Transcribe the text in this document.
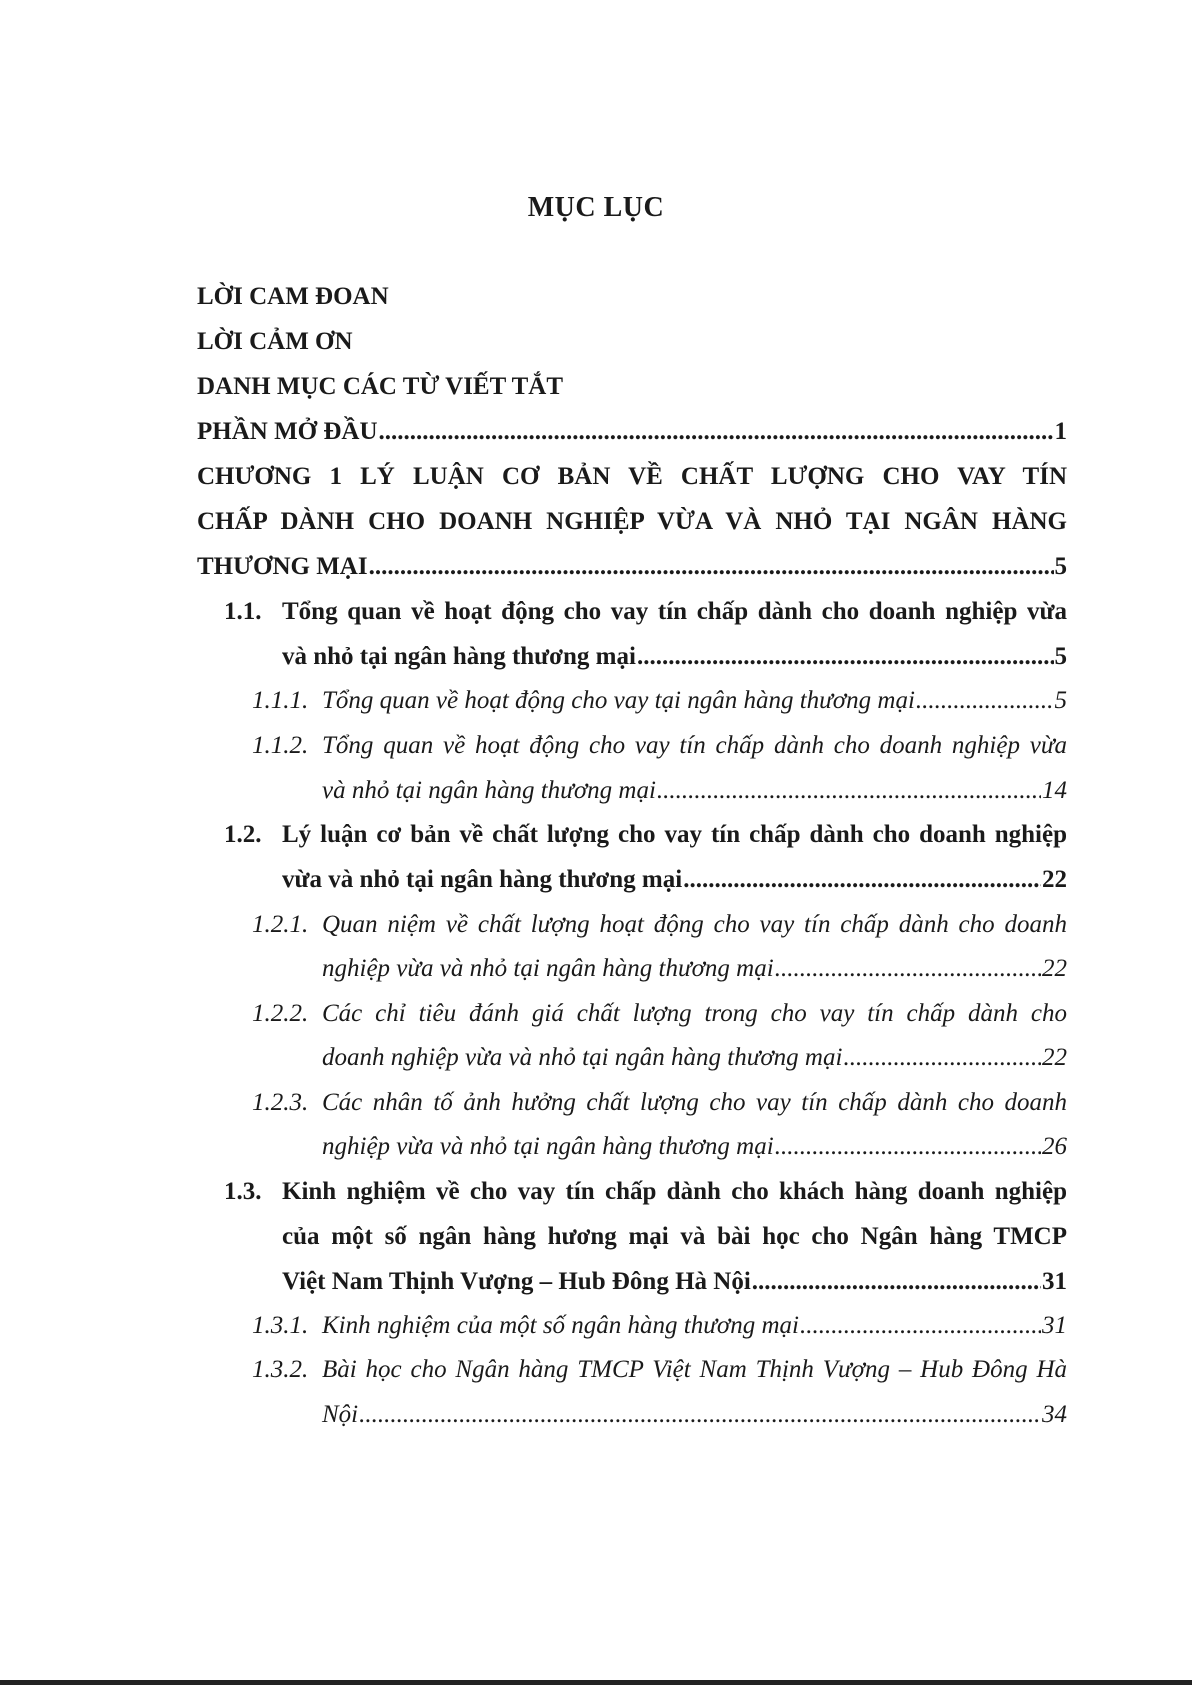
MỤC LỤC
LỜI CAM ĐOAN
LỜI CẢM ƠN
DANH MỤC CÁC TỪ VIẾT TẮT
PHẦN MỞ ĐẦU .....	1
CHƯƠNG 1 LÝ LUẬN CƠ BẢN VỀ CHẤT LƯỢNG CHO VAY TÍN
CHẤP DÀNH CHO DOANH NGHIỆP VỪA VÀ NHỎ TẠI NGÂN HÀNG
THƯƠNG MẠI .....	5
1.1. Tổng quan về hoạt động cho vay tín chấp dành cho doanh nghiệp vừa
và nhỏ tại ngân hàng thương mại .....	5
1.1.1. Tổng quan về hoạt động cho vay tại ngân hàng thương mại .....	5
1.1.2. Tổng quan về hoạt động cho vay tín chấp dành cho doanh nghiệp vừa
và nhỏ tại ngân hàng thương mại .....	14
1.2. Lý luận cơ bản về chất lượng cho vay tín chấp dành cho doanh nghiệp
vừa và nhỏ tại ngân hàng thương mại .....	22
1.2.1. Quan niệm về chất lượng hoạt động cho vay tín chấp dành cho doanh
nghiệp vừa và nhỏ tại ngân hàng thương mại .....	22
1.2.2. Các chỉ tiêu đánh giá chất lượng trong cho vay tín chấp dành cho
doanh nghiệp vừa và nhỏ tại ngân hàng thương mại .....	22
1.2.3. Các nhân tố ảnh hưởng chất lượng cho vay tín chấp dành cho doanh
nghiệp vừa và nhỏ tại ngân hàng thương mại .....	26
1.3. Kinh nghiệm về cho vay tín chấp dành cho khách hàng doanh nghiệp
của một số ngân hàng hương mại và bài học cho Ngân hàng TMCP
Việt Nam Thịnh Vượng – Hub Đông Hà Nội .....	31
1.3.1. Kinh nghiệm của một số ngân hàng thương mại .....	31
1.3.2. Bài học cho Ngân hàng TMCP Việt Nam Thịnh Vượng – Hub Đông Hà
Nội .....	34
